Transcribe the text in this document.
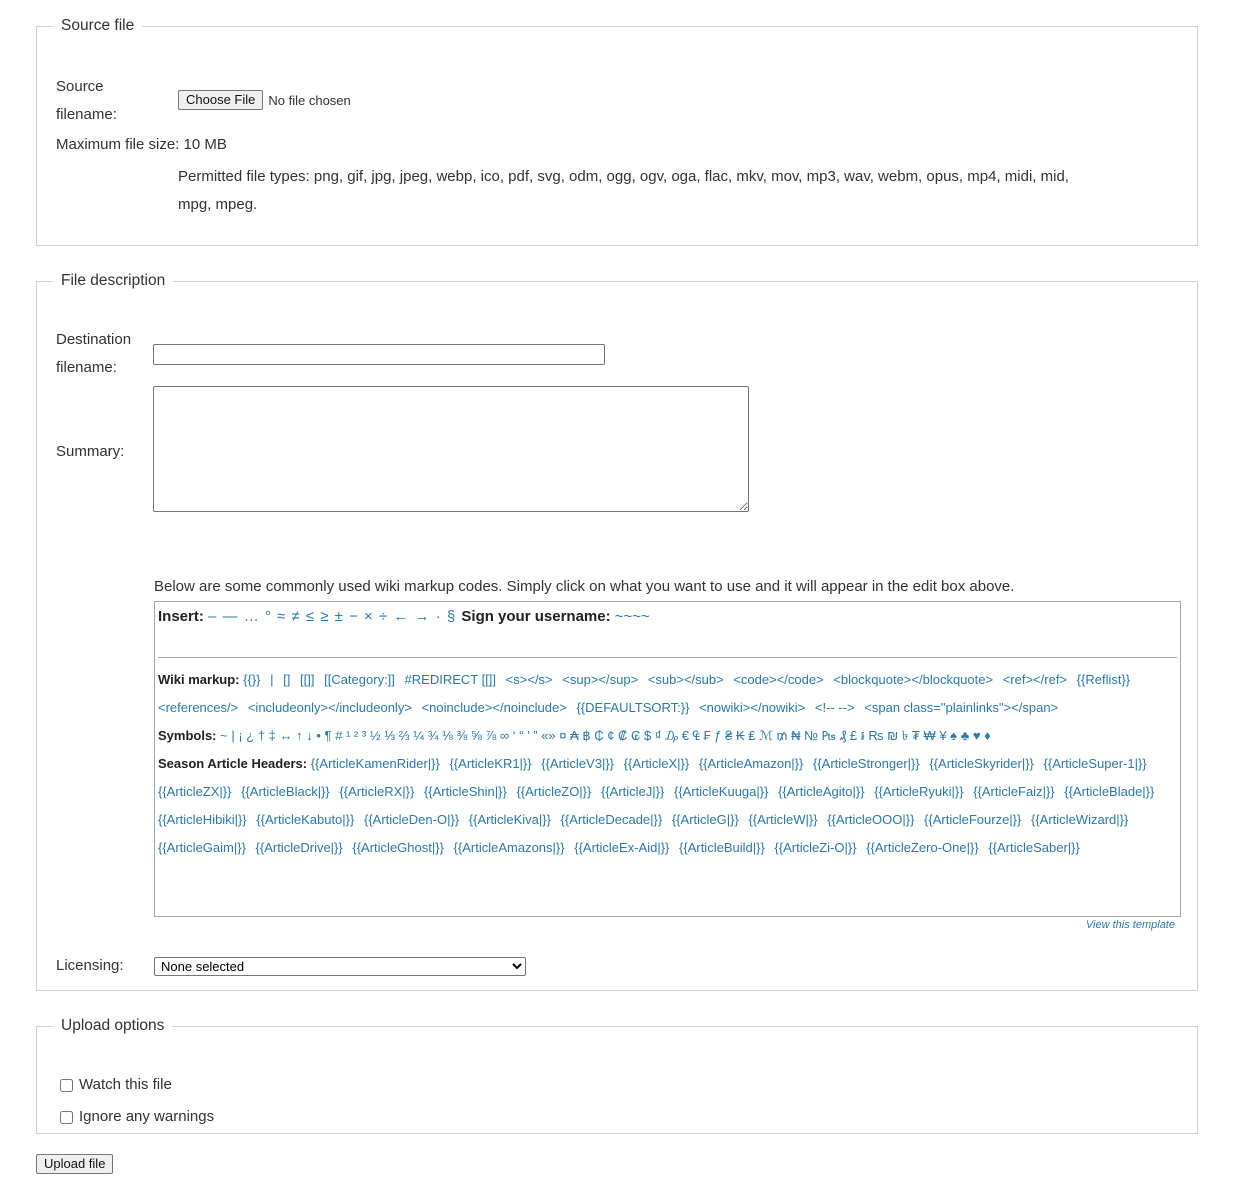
Source file
Source
filename:
Choose File	No file chosen
Maximum file size: 10 MB
Permitted file types: png, gif, jpg, jpeg, webp, ico, pdf, svg, odm, ogg, ogv, oga, flac, mkv, mov, mp3, wav, webm, opus, mp4, midi, mid,
mpg, mpeg.
File description
Destination
filename:
Summary:
Below are some commonly used wiki markup codes. Simply click on what you want to use and it will appear in the edit box above.
Insert: – — … ° ≈ ≠ ≤ ≥ ± − × ÷ ← → · § Sign your username: ~~~~
Wiki markup: {{}} | [] [[]] [[Category:]] #REDIRECT [[]] <s></s> <sup></sup> <sub></sub> <code></code> <blockquote></blockquote> <ref></ref> {{Reflist}} <references/> <includeonly></includeonly> <noinclude></noinclude> {{DEFAULTSORT:}} <nowiki></nowiki> <!-- --> <span class="plainlinks"></span>
Symbols: ~ | ¡ ¿ † ‡ ↔ ↑ ↓ • ¶ # ¹ ² ³ ½ ⅓ ⅔ ¼ ¾ ⅛ ⅜ ⅝ ⅞ ∞ ‘ “ ’ ” «» ¤ ₳ ฿ ₵ ¢ ₡ ₢ $ ₫ ₯ € ₠ ₣ ƒ ₴ ₭ ₤ ℳ ₥ ₦ № ₧ ₰ £ ៛ ₨ ₪ ৳ ₮ ₩ ¥ ♠ ♣ ♥ ♦
Season Article Headers: {{ArticleKamenRider|}} {{ArticleKR1|}} {{ArticleV3|}} {{ArticleX|}} {{ArticleAmazon|}} {{ArticleStronger|}} {{ArticleSkyrider|}} {{ArticleSuper-1|}} {{ArticleZX|}} {{ArticleBlack|}} {{ArticleRX|}} {{ArticleShin|}} {{ArticleZO|}} {{ArticleJ|}} {{ArticleKuuga|}} {{ArticleAgito|}} {{ArticleRyuki|}} {{ArticleFaiz|}} {{ArticleBlade|}} {{ArticleHibiki|}} {{ArticleKabuto|}} {{ArticleDen-O|}} {{ArticleKiva|}} {{ArticleDecade|}} {{ArticleG|}} {{ArticleW|}} {{ArticleOOO|}} {{ArticleFourze|}} {{ArticleWizard|}} {{ArticleGaim|}} {{ArticleDrive|}} {{ArticleGhost|}} {{ArticleAmazons|}} {{ArticleEx-Aid|}} {{ArticleBuild|}} {{ArticleZi-O|}} {{ArticleZero-One|}} {{ArticleSaber|}}
View this template
Licensing:
None selected
Upload options
Watch this file
Ignore any warnings
Upload file
